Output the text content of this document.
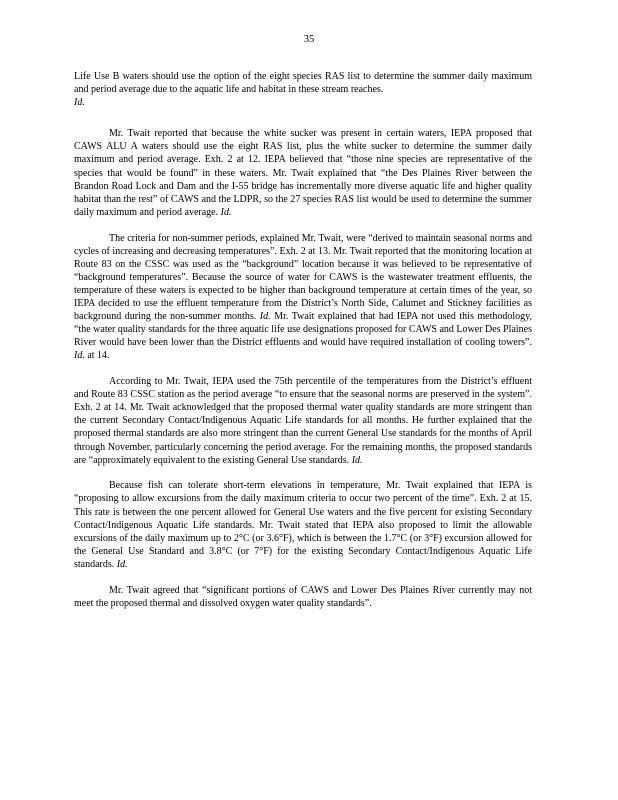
35

Life Use B waters should use the option of the eight species RAS list to determine the summer daily maximum and period average due to the aquatic life and habitat in these stream reaches.
Id.

Mr. Twait reported that because the white sucker was present in certain waters, IEPA proposed that CAWS ALU A waters should use the eight RAS list, plus the white sucker to determine the summer daily maximum and period average. Exh. 2 at 12. IEPA believed that “those nine species are representative of the species that would be found” in these waters. Mr. Twait explained that “the Des Plaines River between the Brandon Road Lock and Dam and the I-55 bridge has incrementally more diverse aquatic life and higher quality habitat than the rest” of CAWS and the LDPR, so the 27 species RAS list would be used to determine the summer daily maximum and period average. Id.

The criteria for non-summer periods, explained Mr. Twait, were “derived to maintain seasonal norms and cycles of increasing and decreasing temperatures”. Exh. 2 at 13. Mr. Twait reported that the monitoring location at Route 83 on the CSSC was used as the “background” location because it was believed to be representative of “background temperatures”. Because the source of water for CAWS is the wastewater treatment effluents, the temperature of these waters is expected to be higher than background temperature at certain times of the year, so IEPA decided to use the effluent temperature from the District’s North Side, Calumet and Stickney facilities as background during the non-summer months. Id. Mr. Twait explained that had IEPA not used this methodology, “the water quality standards for the three aquatic life use designations proposed for CAWS and Lower Des Plaines River would have been lower than the District effluents and would have required installation of cooling towers”. Id. at 14.

According to Mr. Twait, IEPA used the 75th percentile of the temperatures from the District’s effluent and Route 83 CSSC station as the period average “to ensure that the seasonal norms are preserved in the system”. Exh. 2 at 14. Mr. Twait acknowledged that the proposed thermal water quality standards are more stringent than the current Secondary Contact/Indigenous Aquatic Life standards for all months. He further explained that the proposed thermal standards are also more stringent than the current General Use standards for the months of April through November, particularly concerning the period average. For the remaining months, the proposed standards are “approximately equivalent to the existing General Use standards. Id.

Because fish can tolerate short-term elevations in temperature, Mr. Twait explained that IEPA is “proposing to allow excursions from the daily maximum criteria to occur two percent of the time”. Exh. 2 at 15. This rate is between the one percent allowed for General Use waters and the five percent for existing Secondary Contact/Indigenous Aquatic Life standards. Mr. Twait stated that IEPA also proposed to limit the allowable excursions of the daily maximum up to 2°C (or 3.6°F), which is between the 1.7°C (or 3°F) excursion allowed for the General Use Standard and 3.8°C (or 7°F) for the existing Secondary Contact/Indigenous Aquatic Life standards. Id.

Mr. Twait agreed that “significant portions of CAWS and Lower Des Plaines River currently may not meet the proposed thermal and dissolved oxygen water quality standards”.
